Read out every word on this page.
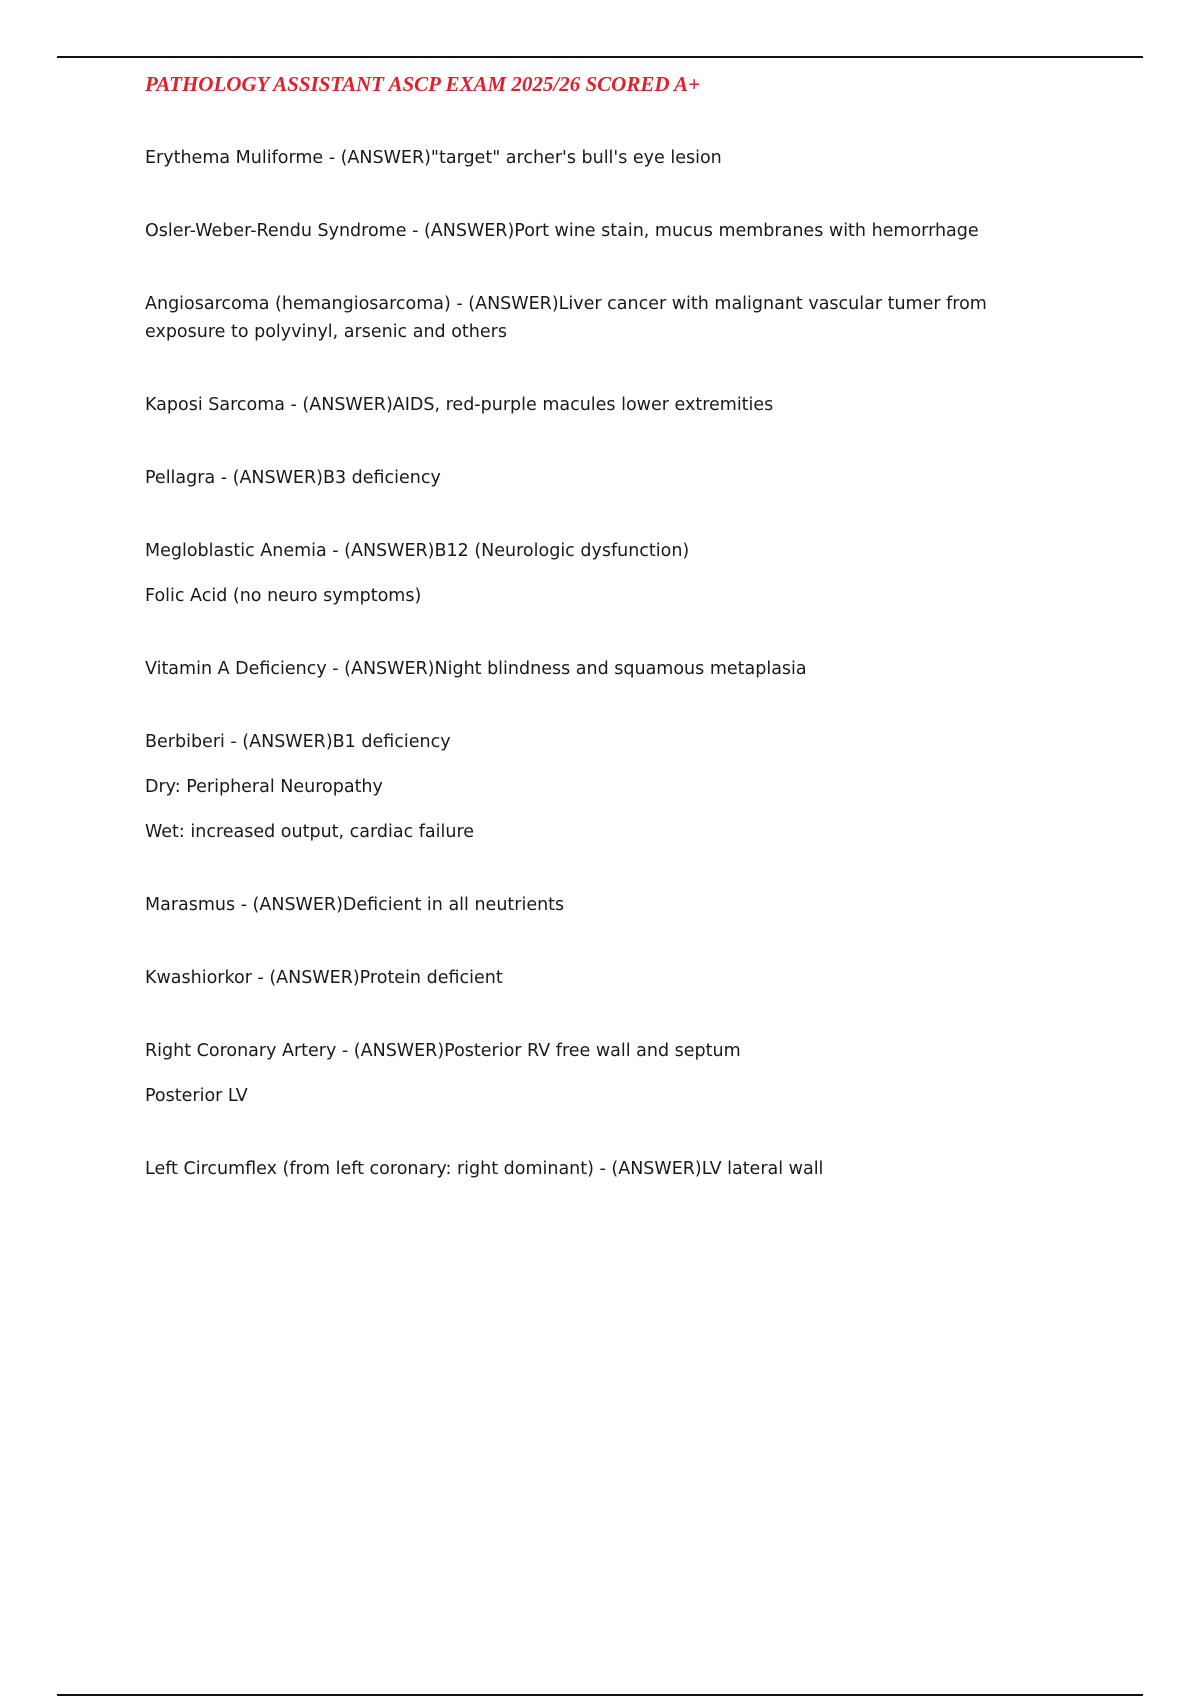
PATHOLOGY ASSISTANT ASCP EXAM 2025/26 SCORED A+

Erythema Muliforme - (ANSWER)"target" archer's bull's eye lesion

Osler-Weber-Rendu Syndrome - (ANSWER)Port wine stain, mucus membranes with hemorrhage

Angiosarcoma (hemangiosarcoma) - (ANSWER)Liver cancer with malignant vascular tumer from exposure to polyvinyl, arsenic and others

Kaposi Sarcoma - (ANSWER)AIDS, red-purple macules lower extremities

Pellagra - (ANSWER)B3 deficiency

Megloblastic Anemia - (ANSWER)B12 (Neurologic dysfunction)

Folic Acid (no neuro symptoms)

Vitamin A Deficiency - (ANSWER)Night blindness and squamous metaplasia

Berbiberi - (ANSWER)B1 deficiency

Dry: Peripheral Neuropathy

Wet: increased output, cardiac failure

Marasmus - (ANSWER)Deficient in all neutrients

Kwashiorkor - (ANSWER)Protein deficient

Right Coronary Artery - (ANSWER)Posterior RV free wall and septum

Posterior LV

Left Circumflex (from left coronary: right dominant) - (ANSWER)LV lateral wall
